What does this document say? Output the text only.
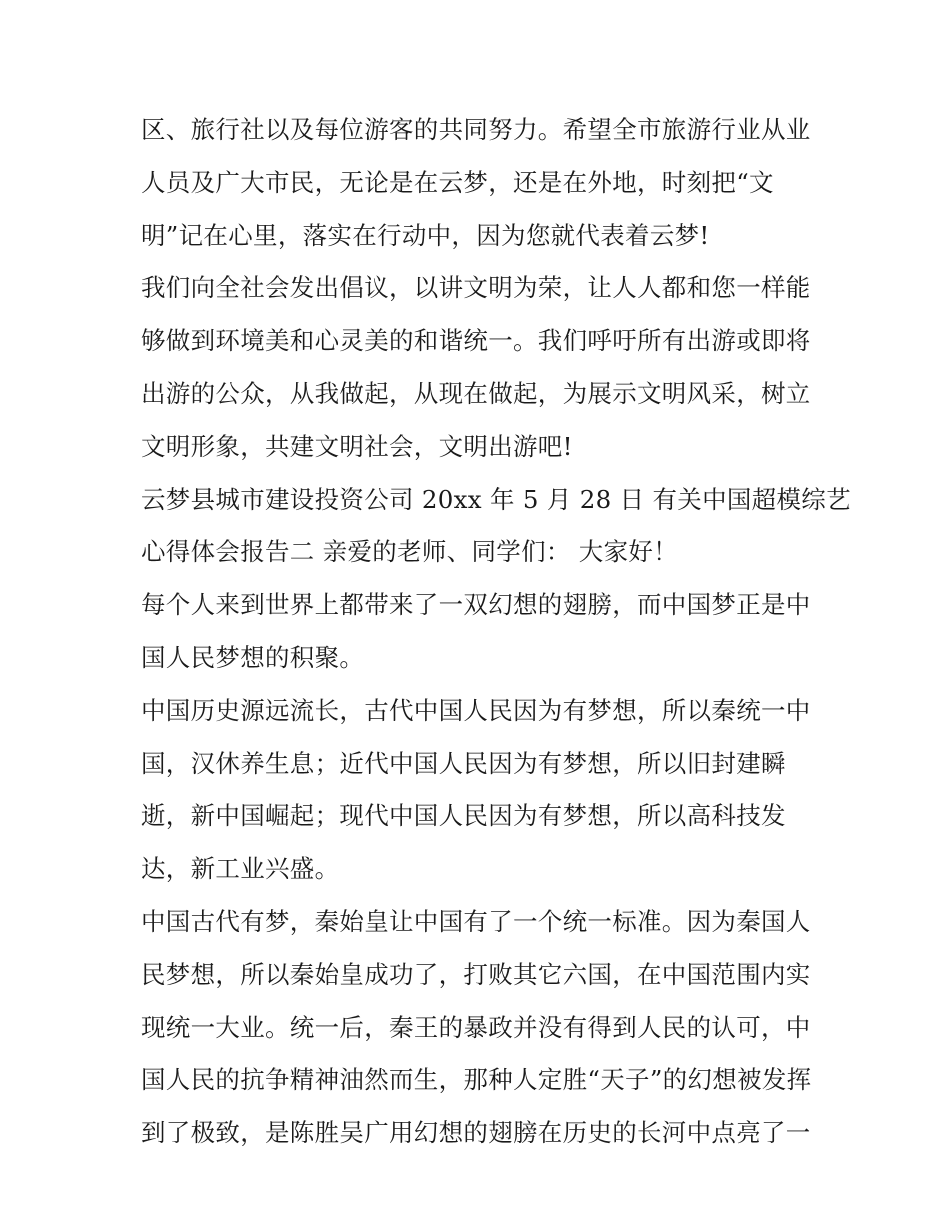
区、旅行社以及每位游客的共同努力。希望全市旅游行业从业
人员及广大市民，无论是在云梦，还是在外地，时刻把“文
明”记在心里，落实在行动中，因为您就代表着云梦!
我们向全社会发出倡议，以讲文明为荣，让人人都和您一样能
够做到环境美和心灵美的和谐统一。我们呼吁所有出游或即将
出游的公众，从我做起，从现在做起，为展示文明风采，树立
文明形象，共建文明社会，文明出游吧!
云梦县城市建设投资公司 20xx 年 5 月 28 日 有关中国超模综艺
心得体会报告二 亲爱的老师、同学们： 大家好！
每个人来到世界上都带来了一双幻想的翅膀，而中国梦正是中
国人民梦想的积聚。
中国历史源远流长，古代中国人民因为有梦想，所以秦统一中
国，汉休养生息；近代中国人民因为有梦想，所以旧封建瞬
逝，新中国崛起；现代中国人民因为有梦想，所以高科技发
达，新工业兴盛。
中国古代有梦，秦始皇让中国有了一个统一标准。因为秦国人
民梦想，所以秦始皇成功了，打败其它六国，在中国范围内实
现统一大业。统一后，秦王的暴政并没有得到人民的认可，中
国人民的抗争精神油然而生，那种人定胜“天子”的幻想被发挥
到了极致，是陈胜吴广用幻想的翅膀在历史的长河中点亮了一
